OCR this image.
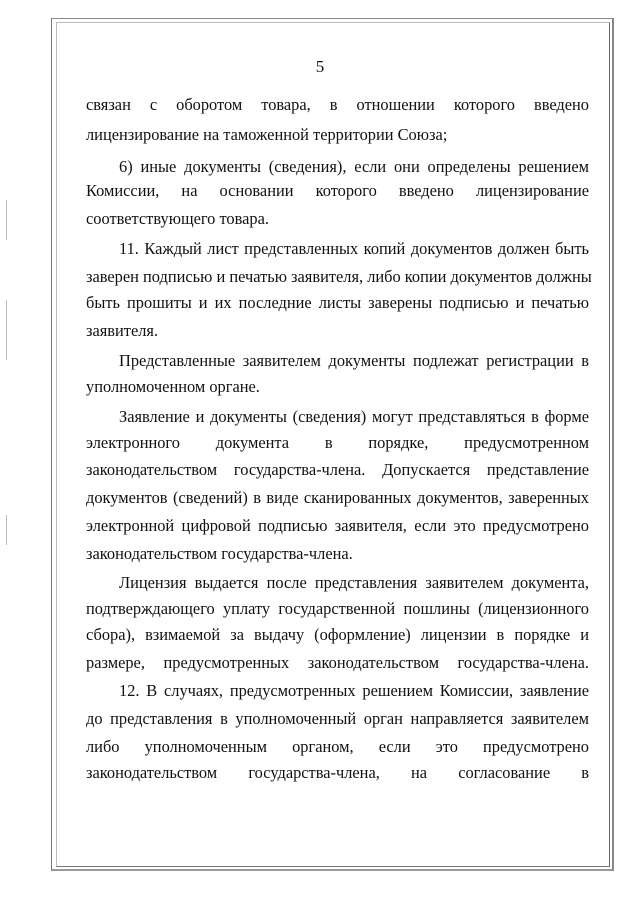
5
связан с оборотом товара, в отношении которого введено
лицензирование на таможенной территории Союза;
6) иные документы (сведения), если они определены решением
Комиссии, на основании которого введено лицензирование
соответствующего товара.
11. Каждый лист представленных копий документов должен быть
заверен подписью и печатью заявителя, либо копии документов должны
быть прошиты и их последние листы заверены подписью и печатью
заявителя.
Представленные заявителем документы подлежат регистрации в
уполномоченном органе.
Заявление и документы (сведения) могут представляться в форме
электронного документа в порядке, предусмотренном
законодательством государства-члена. Допускается представление
документов (сведений) в виде сканированных документов, заверенных
электронной цифровой подписью заявителя, если это предусмотрено
законодательством государства-члена.
Лицензия выдается после представления заявителем документа,
подтверждающего уплату государственной пошлины (лицензионного
сбора), взимаемой за выдачу (оформление) лицензии в порядке и
размере, предусмотренных законодательством государства-члена.
12. В случаях, предусмотренных решением Комиссии, заявление
до представления в уполномоченный орган направляется заявителем
либо уполномоченным органом, если это предусмотрено
законодательством государства-члена, на согласование в
